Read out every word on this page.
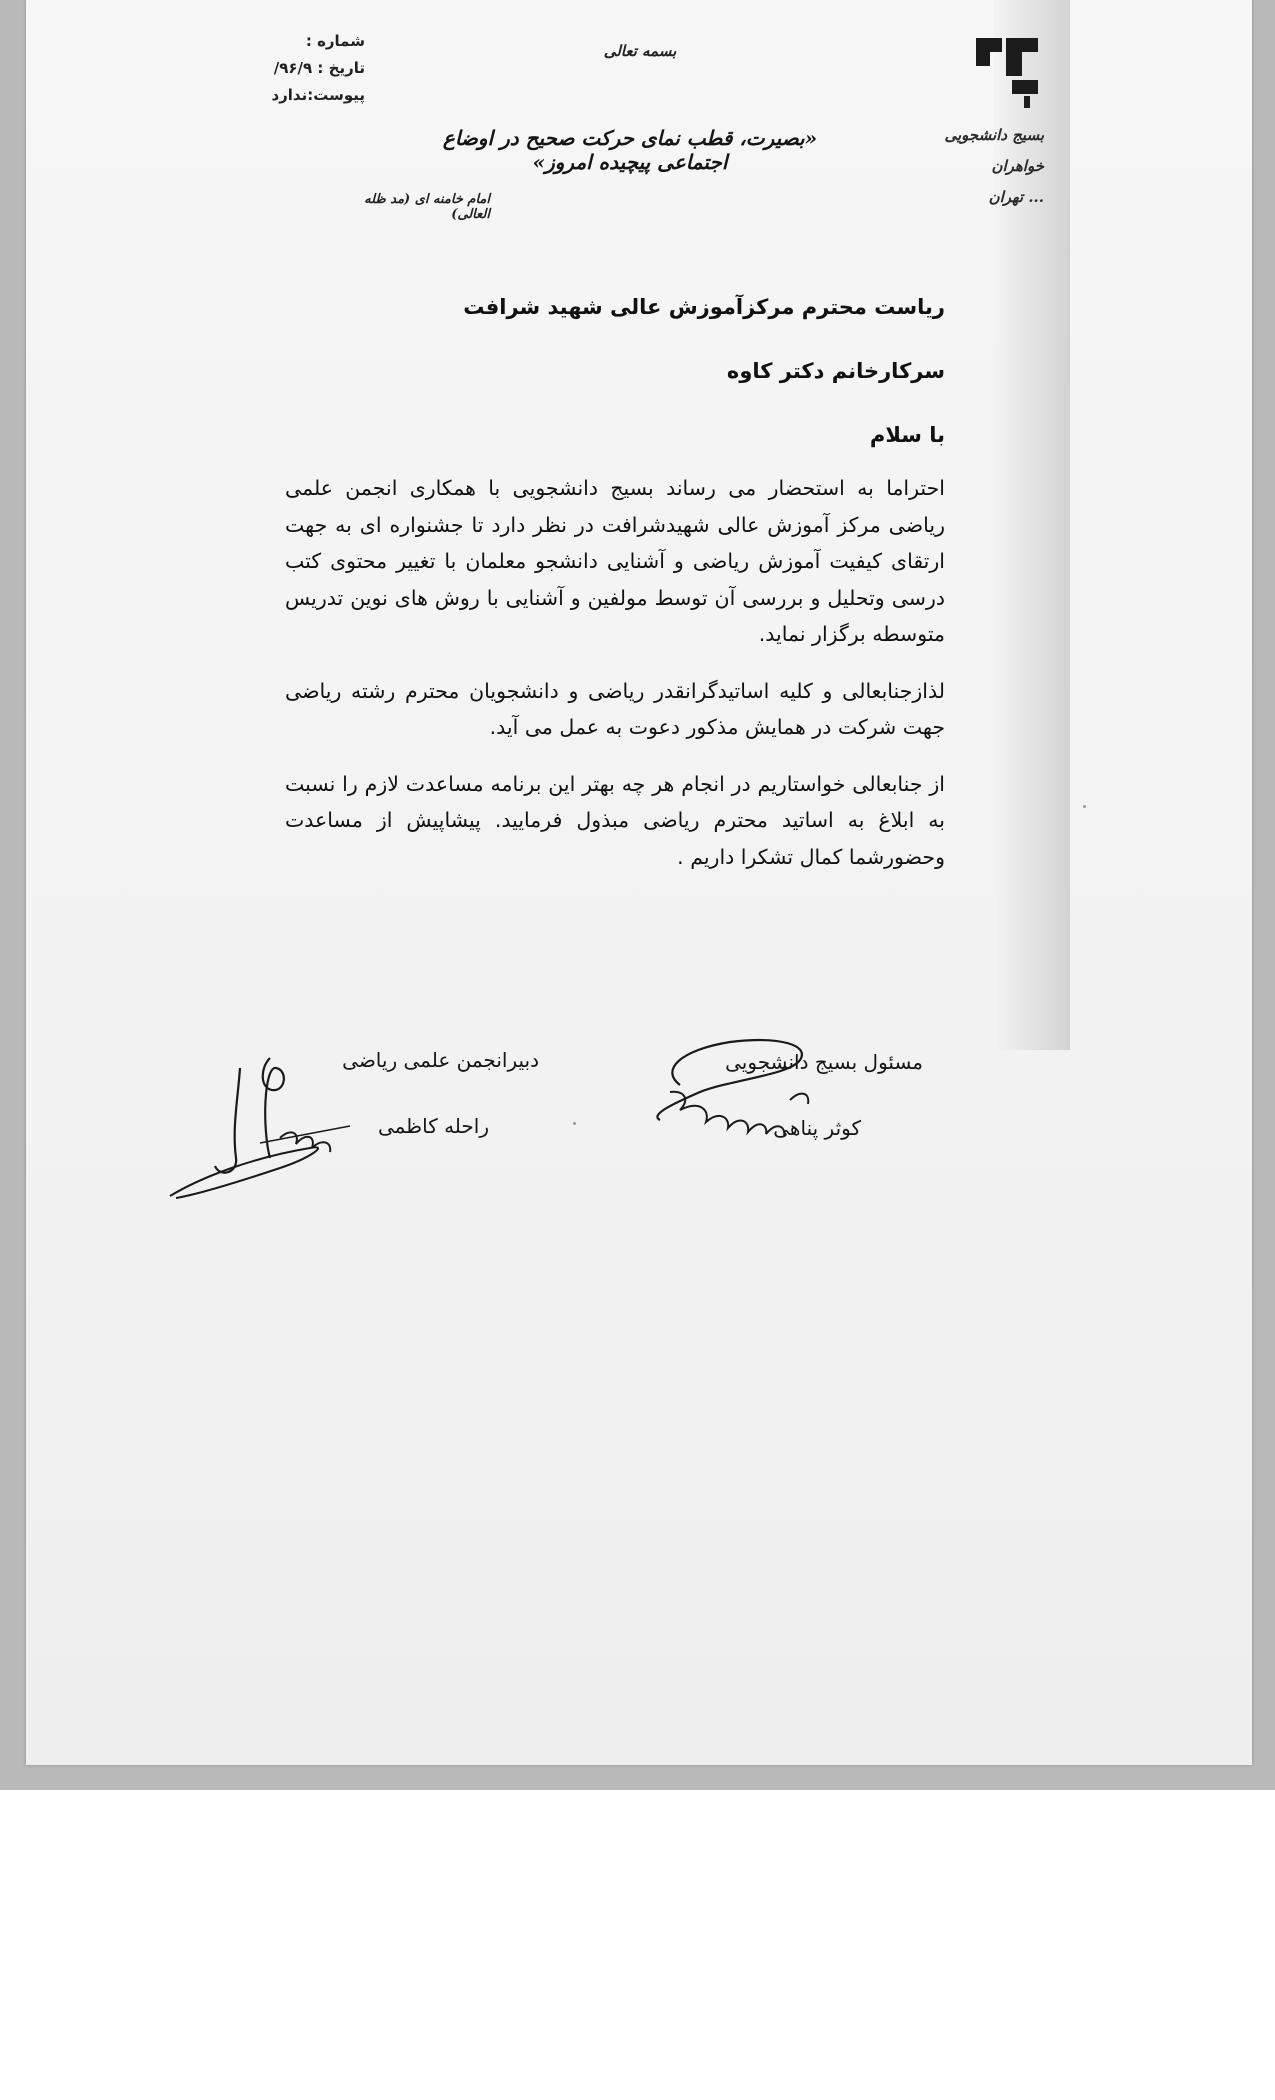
بسیج دانشجویی
خواهران
... تهران
شماره :
تاریخ : ۹۶/۹/
پیوست:ندارد
بسمه تعالی
«بصیرت، قطب نمای حرکت صحیح در اوضاع اجتماعی پیچیده امروز»
امام خامنه ای (مد ظله العالی)
ریاست محترم مرکزآموزش عالی شهید شرافت
سرکارخانم دکتر کاوه
با سلام

احتراما به استحضار می رساند بسیج دانشجویی با همکاری انجمن علمی ریاضی مرکز آموزش عالی شهیدشرافت در نظر دارد تا جشنواره ای به جهت ارتقای کیفیت آموزش ریاضی و آشنایی دانشجو معلمان با تغییر محتوی کتب درسی وتحلیل و بررسی آن توسط مولفین و آشنایی با روش های نوین تدریس متوسطه برگزار نماید.

لذازجنابعالی و کلیه اساتیدگرانقدر ریاضی و دانشجویان محترم رشته ریاضی جهت شرکت در همایش مذکور دعوت به عمل می آید.

از جنابعالی خواستاریم در انجام هر چه بهتر این برنامه مساعدت لازم را نسبت به ابلاغ به اساتید محترم ریاضی مبذول فرمایید. پیشاپیش از مساعدت وحضورشما کمال تشکرا داریم .

مسئول بسیج دانشجویی
کوثر پناهی
دبیرانجمن علمی ریاضی
راحله کاظمی
